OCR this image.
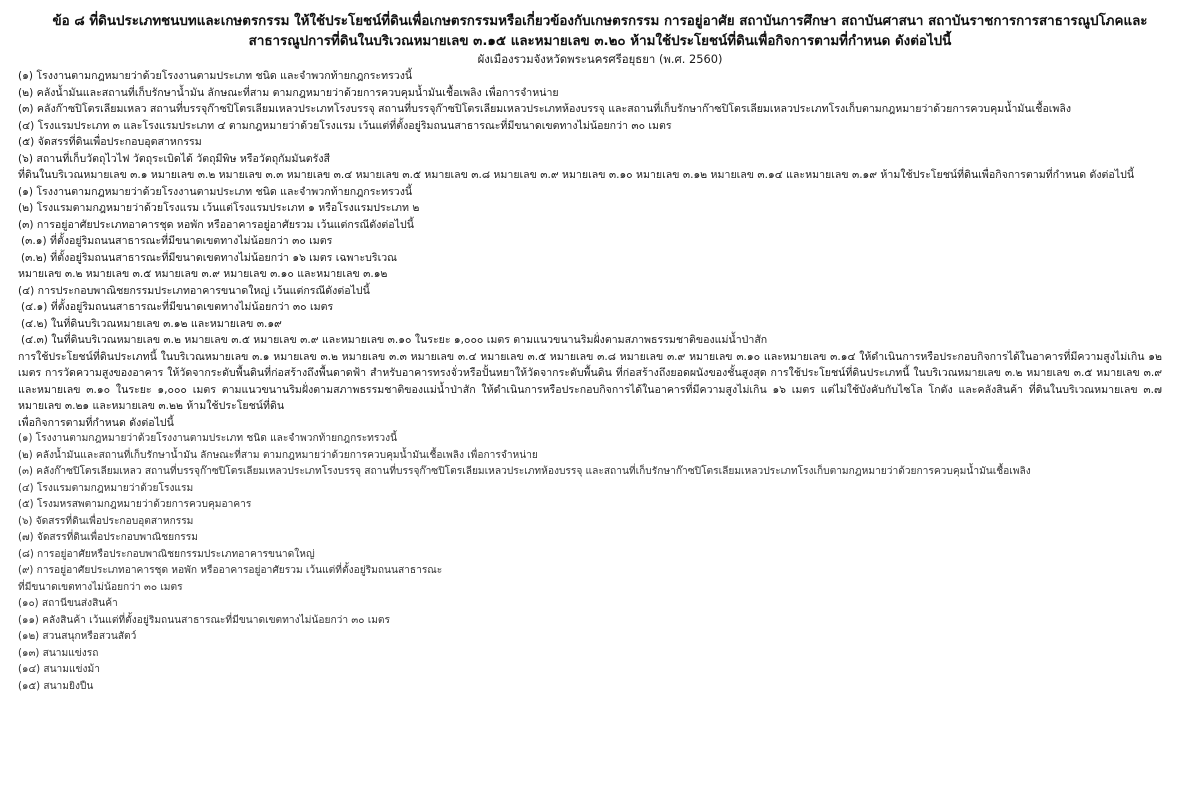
ข้อ ๘ ที่ดินประเภทชนบทและเกษตรกรรม ให้ใช้ประโยชน์ที่ดินเพื่อเกษตรกรรมหรือเกี่ยวข้องกับเกษตรกรรม การอยู่อาศัย สถาบันการศึกษา สถาบันศาสนา สถาบันราชการการสาธารณูปโภคและสาธารณูปการที่ดินในบริเวณหมายเลข ๓.๑๕ และหมายเลข ๓.๒๐ ห้ามใช้ประโยชน์ที่ดินเพื่อกิจการตามที่กำหนด ดังต่อไปนี้
ผังเมืองรวมจังหวัดพระนครศรีอยุธยา (พ.ศ. 2560)

(๑) โรงงานตามกฎหมายว่าด้วยโรงงานตามประเภท ชนิด และจำพวกท้ายกฎกระทรวงนี้

(๒) คลังน้ำมันและสถานที่เก็บรักษาน้ำมัน ลักษณะที่สาม ตามกฎหมายว่าด้วยการควบคุมน้ำมันเชื้อเพลิง เพื่อการจำหน่าย

(๓) คลังก๊าซปิโตรเลียมเหลว สถานที่บรรจุก๊าซปิโตรเลียมเหลวประเภทโรงบรรจุ สถานที่บรรจุก๊าซปิโตรเลียมเหลวประเภทห้องบรรจุ และสถานที่เก็บรักษาก๊าซปิโตรเลียมเหลวประเภทโรงเก็บตามกฎหมายว่าด้วยการควบคุมน้ำมันเชื้อเพลิง

(๔) โรงแรมประเภท ๓ และโรงแรมประเภท ๔ ตามกฎหมายว่าด้วยโรงแรม เว้นแต่ที่ตั้งอยู่ริมถนนสาธารณะที่มีขนาดเขตทางไม่น้อยกว่า ๓๐ เมตร

(๕) จัดสรรที่ดินเพื่อประกอบอุตสาหกรรม

(๖) สถานที่เก็บวัตถุไวไฟ วัตถุระเบิดได้ วัตถุมีพิษ หรือวัตถุกัมมันตรังสี

ที่ดินในบริเวณหมายเลข ๓.๑ หมายเลข ๓.๒ หมายเลข ๓.๓ หมายเลข ๓.๔ หมายเลข ๓.๕ หมายเลข ๓.๘ หมายเลข ๓.๙ หมายเลข ๓.๑๐ หมายเลข ๓.๑๒ หมายเลข ๓.๑๔ และหมายเลข ๓.๑๙ ห้ามใช้ประโยชน์ที่ดินเพื่อกิจการตามที่กำหนด ดังต่อไปนี้

(๑) โรงงานตามกฎหมายว่าด้วยโรงงานตามประเภท ชนิด และจำพวกท้ายกฎกระทรวงนี้

(๒) โรงแรมตามกฎหมายว่าด้วยโรงแรม เว้นแต่โรงแรมประเภท ๑ หรือโรงแรมประเภท ๒

(๓) การอยู่อาศัยประเภทอาคารชุด หอพัก หรืออาคารอยู่อาศัยรวม เว้นแต่กรณีดังต่อไปนี้

(๓.๑) ที่ตั้งอยู่ริมถนนสาธารณะที่มีขนาดเขตทางไม่น้อยกว่า ๓๐ เมตร

(๓.๒) ที่ตั้งอยู่ริมถนนสาธารณะที่มีขนาดเขตทางไม่น้อยกว่า ๑๖ เมตร เฉพาะบริเวณ

หมายเลข ๓.๒ หมายเลข ๓.๕ หมายเลข ๓.๙ หมายเลข ๓.๑๐ และหมายเลข ๓.๑๒

(๔) การประกอบพาณิชยกรรมประเภทอาคารขนาดใหญ่ เว้นแต่กรณีดังต่อไปนี้

(๔.๑) ที่ตั้งอยู่ริมถนนสาธารณะที่มีขนาดเขตทางไม่น้อยกว่า ๓๐ เมตร

(๔.๒) ในที่ดินบริเวณหมายเลข ๓.๑๒ และหมายเลข ๓.๑๙

(๔.๓) ในที่ดินบริเวณหมายเลข ๓.๒ หมายเลข ๓.๕ หมายเลข ๓.๙ และหมายเลข ๓.๑๐ ในระยะ ๑,๐๐๐ เมตร ตามแนวขนานริมฝั่งตามสภาพธรรมชาติของแม่น้ำป่าสัก

การใช้ประโยชน์ที่ดินประเภทนี้ ในบริเวณหมายเลข ๓.๑ หมายเลข ๓.๒ หมายเลข ๓.๓ หมายเลข ๓.๔ หมายเลข ๓.๕ หมายเลข ๓.๘ หมายเลข ๓.๙ หมายเลข ๓.๑๐ และหมายเลข ๓.๑๔ ให้ดำเนินการหรือประกอบกิจการได้ในอาคารที่มีความสูงไม่เกิน ๑๒ เมตร การวัดความสูงของอาคาร ให้วัดจากระดับพื้นดินที่ก่อสร้างถึงพื้นดาดฟ้า สำหรับอาคารทรงจั่วหรือปั้นหยาให้วัดจากระดับพื้นดิน ที่ก่อสร้างถึงยอดผนังของชั้นสูงสุด การใช้ประโยชน์ที่ดินประเภทนี้ ในบริเวณหมายเลข ๓.๒ หมายเลข ๓.๕ หมายเลข ๓.๙ และหมายเลข ๓.๑๐ ในระยะ ๑,๐๐๐ เมตร ตามแนวขนานริมฝั่งตามสภาพธรรมชาติของแม่น้ำป่าสัก ให้ดำเนินการหรือประกอบกิจการได้ในอาคารที่มีความสูงไม่เกิน ๑๖ เมตร แต่ไม่ใช้บังคับกับไซโล โกดัง และคลังสินค้า ที่ดินในบริเวณหมายเลข ๓.๗ หมายเลข ๓.๒๑ และหมายเลข ๓.๒๒ ห้ามใช้ประโยชน์ที่ดิน

เพื่อกิจการตามที่กำหนด ดังต่อไปนี้

(๑) โรงงานตามกฎหมายว่าด้วยโรงงานตามประเภท ชนิด และจำพวกท้ายกฎกระทรวงนี้

(๒) คลังน้ำมันและสถานที่เก็บรักษาน้ำมัน ลักษณะที่สาม ตามกฎหมายว่าด้วยการควบคุมน้ำมันเชื้อเพลิง เพื่อการจำหน่าย

(๓) คลังก๊าซปิโตรเลียมเหลว สถานที่บรรจุก๊าซปิโตรเลียมเหลวประเภทโรงบรรจุ สถานที่บรรจุก๊าซปิโตรเลียมเหลวประเภทห้องบรรจุ และสถานที่เก็บรักษาก๊าซปิโตรเลียมเหลวประเภทโรงเก็บตามกฎหมายว่าด้วยการควบคุมน้ำมันเชื้อเพลิง

(๔) โรงแรมตามกฎหมายว่าด้วยโรงแรม

(๕) โรงมหรสพตามกฎหมายว่าด้วยการควบคุมอาคาร

(๖) จัดสรรที่ดินเพื่อประกอบอุตสาหกรรม

(๗) จัดสรรที่ดินเพื่อประกอบพาณิชยกรรม

(๘) การอยู่อาศัยหรือประกอบพาณิชยกรรมประเภทอาคารขนาดใหญ่

(๙) การอยู่อาศัยประเภทอาคารชุด หอพัก หรืออาคารอยู่อาศัยรวม เว้นแต่ที่ตั้งอยู่ริมถนนสาธารณะ

ที่มีขนาดเขตทางไม่น้อยกว่า ๓๐ เมตร

(๑๐) สถานีขนส่งสินค้า

(๑๑) คลังสินค้า เว้นแต่ที่ตั้งอยู่ริมถนนสาธารณะที่มีขนาดเขตทางไม่น้อยกว่า ๓๐ เมตร

(๑๒) สวนสนุกหรือสวนสัตว์

(๑๓) สนามแข่งรถ

(๑๔) สนามแข่งม้า

(๑๕) สนามยิงปืน
